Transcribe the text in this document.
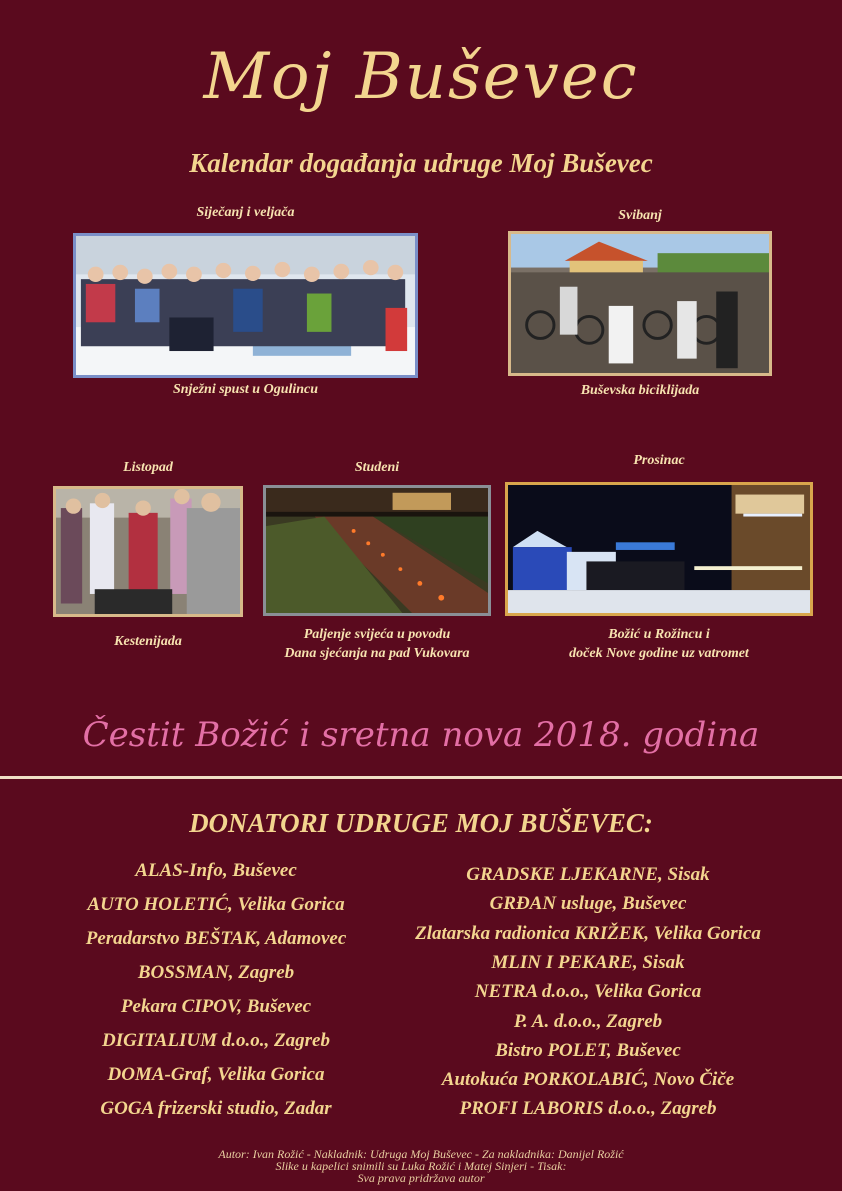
Moj Buševec
Kalendar događanja udruge Moj Buševec
Siječanj i veljača
Snježni spust u Ogulincu
Svibanj
Buševska biciklijada
Listopad
Kestenijada
Studeni
Paljenje svijeća u povodu
Dana sjećanja na pad Vukovara
Prosinac
Božić u Rožincu i
doček Nove godine uz vatromet
Čestit Božić i sretna nova 2018. godina
DONATORI UDRUGE MOJ BUŠEVEC:
ALAS-Info, Buševec
AUTO HOLETIĆ, Velika Gorica
Peradarstvo BEŠTAK, Adamovec
BOSSMAN, Zagreb
Pekara CIPOV, Buševec
DIGITALIUM d.o.o., Zagreb
DOMA-Graf, Velika Gorica
GOGA frizerski studio, Zadar
GRADSKE LJEKARNE, Sisak
GRĐAN usluge, Buševec
Zlatarska radionica KRIŽEK, Velika Gorica
MLIN I PEKARE, Sisak
NETRA d.o.o., Velika Gorica
P. A. d.o.o., Zagreb
Bistro POLET, Buševec
Autokuća PORKOLABIĆ, Novo Čiče
PROFI LABORIS d.o.o., Zagreb
Autor: Ivan Rožić - Nakladnik: Udruga Moj Buševec - Za nakladnika: Danijel Rožić
Slike u kapelici snimili su Luka Rožić i Matej Sinjeri - Tisak:
Sva prava pridržava autor
